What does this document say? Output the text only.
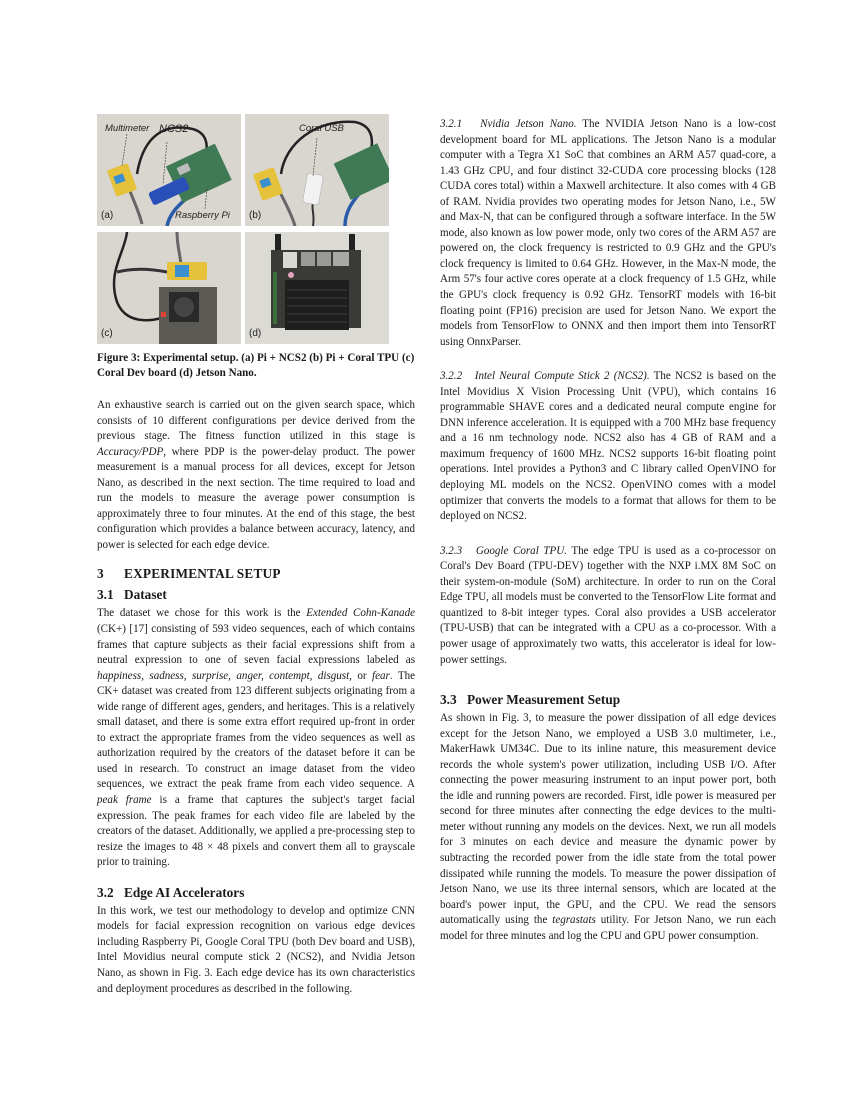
Multimeter NCS2
Raspberry Pi
(a)
Coral USB
(b)
(c)	(d)
Figure 3: Experimental setup. (a) Pi + NCS2 (b) Pi + Coral TPU (c) Coral Dev board (d) Jetson Nano.

An exhaustive search is carried out on the given search space, which consists of 10 different configurations per device derived from the previous stage. The fitness function utilized in this stage is Accuracy/PDP, where PDP is the power-delay product. The power measurement is a manual process for all devices, except for Jetson Nano, as described in the next section. The time required to load and run the models to measure the average power consumption is approximately three to four minutes. At the end of this stage, the best configuration which provides a balance between accuracy, latency, and power is selected for each edge device.

3 EXPERIMENTAL SETUP
3.1 Dataset

The dataset we chose for this work is the Extended Cohn-Kanade (CK+) [17] consisting of 593 video sequences, each of which contains frames that capture subjects as their facial expressions shift from a neutral expression to one of seven facial expressions labeled as happiness, sadness, surprise, anger, contempt, disgust, or fear. The CK+ dataset was created from 123 different subjects originating from a wide range of different ages, genders, and heritages. This is a relatively small dataset, and there is some extra effort required up-front in order to extract the appropriate frames from the video sequences as well as authorization required by the creators of the dataset before it can be used in research. To construct an image dataset from the video sequences, we extract the peak frame from each video sequence. A peak frame is a frame that captures the subject's target facial expression. The peak frames for each video file are labeled by the creators of the dataset. Additionally, we applied a pre-processing step to resize the images to 48 × 48 pixels and convert them all to grayscale prior to training.

3.2 Edge AI Accelerators

In this work, we test our methodology to develop and optimize CNN models for facial expression recognition on various edge devices including Raspberry Pi, Google Coral TPU (both Dev board and USB), Intel Movidius neural compute stick 2 (NCS2), and Nvidia Jetson Nano, as shown in Fig. 3. Each edge device has its own characteristics and deployment procedures as described in the following.

3.2.1 Nvidia Jetson Nano. The NVIDIA Jetson Nano is a low-cost development board for ML applications. The Jetson Nano is a modular computer with a Tegra X1 SoC that combines an ARM A57 quad-core, a 1.43 GHz CPU, and four distinct 32-CUDA core processing blocks (128 CUDA cores total) within a Maxwell architecture. It also comes with 4 GB of RAM. Nvidia provides two operating modes for Jetson Nano, i.e., 5W and Max-N, that can be configured through a software interface. In the 5W mode, also known as low power mode, only two cores of the ARM A57 are powered on, the clock frequency is restricted to 0.9 GHz and the GPU's clock frequency is limited to 0.64 GHz. However, in the Max-N mode, the Arm 57's four active cores operate at a clock frequency of 1.5 GHz, while the GPU's clock frequency is 0.92 GHz. TensorRT models with 16-bit floating point (FP16) precision are used for Jetson Nano. We export the models from TensorFlow to ONNX and then import them into TensorRT using OnnxParser.

3.2.2 Intel Neural Compute Stick 2 (NCS2). The NCS2 is based on the Intel Movidius X Vision Processing Unit (VPU), which contains 16 programmable SHAVE cores and a dedicated neural compute engine for DNN inference acceleration. It is equipped with a 700 MHz base frequency and a 16 nm technology node. NCS2 also has 4 GB of RAM and a maximum frequency of 1600 MHz. NCS2 supports 16-bit floating point operations. Intel provides a Python3 and C library called OpenVINO for deploying ML models on the NCS2. OpenVINO comes with a model optimizer that converts the models to a format that allows for them to be deployed on NCS2.

3.2.3 Google Coral TPU. The edge TPU is used as a co-processor on Coral's Dev Board (TPU-DEV) together with the NXP i.MX 8M SoC on their system-on-module (SoM) architecture. In order to run on the Coral Edge TPU, all models must be converted to the TensorFlow Lite format and quantized to 8-bit integer types. Coral also provides a USB accelerator (TPU-USB) that can be integrated with a CPU as a co-processor. With a power usage of approximately two watts, this accelerator is ideal for low-power settings.

3.3 Power Measurement Setup

As shown in Fig. 3, to measure the power dissipation of all edge devices except for the Jetson Nano, we employed a USB 3.0 multimeter, i.e., MakerHawk UM34C. Due to its inline nature, this measurement device records the whole system's power utilization, including USB I/O. After connecting the power measuring instrument to an input power port, both the idle and running powers are recorded. First, idle power is measured per second for three minutes after connecting the edge devices to the multi-meter without running any models on the devices. Next, we run all models for 3 minutes on each device and measure the dynamic power by subtracting the recorded power from the idle state from the total power dissipated while running the models. To measure the power dissipation of Jetson Nano, we use its three internal sensors, which are located at the board's power input, the GPU, and the CPU. We read the sensors automatically using the tegrastats utility. For Jetson Nano, we run each model for three minutes and log the CPU and GPU power consumption.
